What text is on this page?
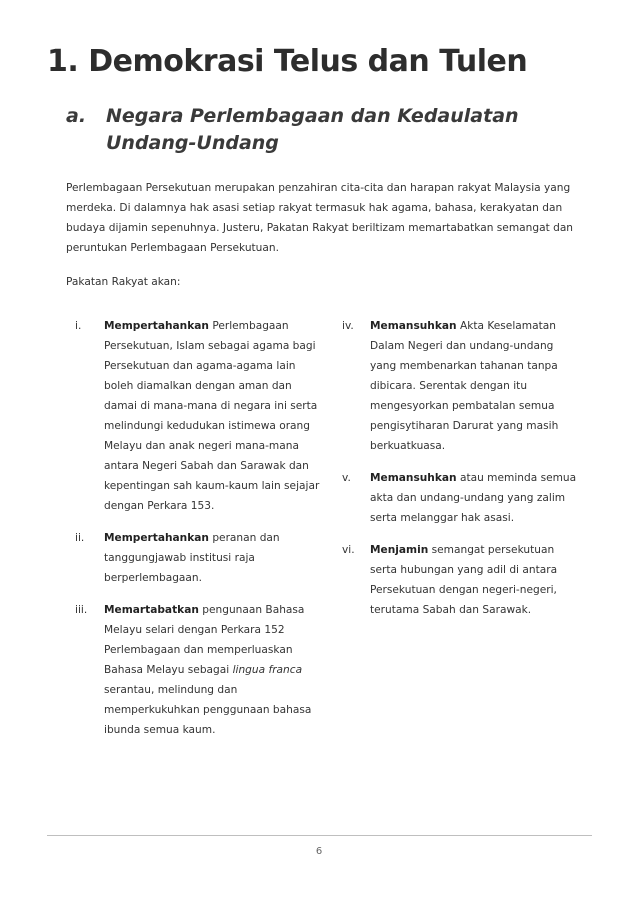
1. Demokrasi Telus dan Tulen
a. Negara Perlembagaan dan Kedaulatan
Undang-Undang

Perlembagaan Persekutuan merupakan penzahiran cita-cita dan harapan rakyat Malaysia yang merdeka. Di dalamnya hak asasi setiap rakyat termasuk hak agama, bahasa, kerakyatan dan budaya dijamin sepenuhnya. Justeru, Pakatan Rakyat beriltizam memartabatkan semangat dan peruntukan Perlembagaan Persekutuan.

Pakatan Rakyat akan:

i. Mempertahankan Perlembagaan Persekutuan, Islam sebagai agama bagi Persekutuan dan agama-agama lain boleh diamalkan dengan aman dan damai di mana-mana di negara ini serta melindungi kedudukan istimewa orang Melayu dan anak negeri mana-mana antara Negeri Sabah dan Sarawak dan kepentingan sah kaum-kaum lain sejajar dengan Perkara 153.

ii. Mempertahankan peranan dan tanggungjawab institusi raja berperlembagaan.

iii. Memartabatkan pengunaan Bahasa Melayu selari dengan Perkara 152 Perlembagaan dan memperluaskan Bahasa Melayu sebagai lingua franca serantau, melindung dan memperkukuhkan penggunaan bahasa ibunda semua kaum.

iv. Memansuhkan Akta Keselamatan Dalam Negeri dan undang-undang yang membenarkan tahanan tanpa dibicara. Serentak dengan itu mengesyorkan pembatalan semua pengisytiharan Darurat yang masih berkuatkuasa.

v. Memansuhkan atau meminda semua akta dan undang-undang yang zalim serta melanggar hak asasi.

vi. Menjamin semangat persekutuan serta hubungan yang adil di antara Persekutuan dengan negeri-negeri, terutama Sabah dan Sarawak.

6
